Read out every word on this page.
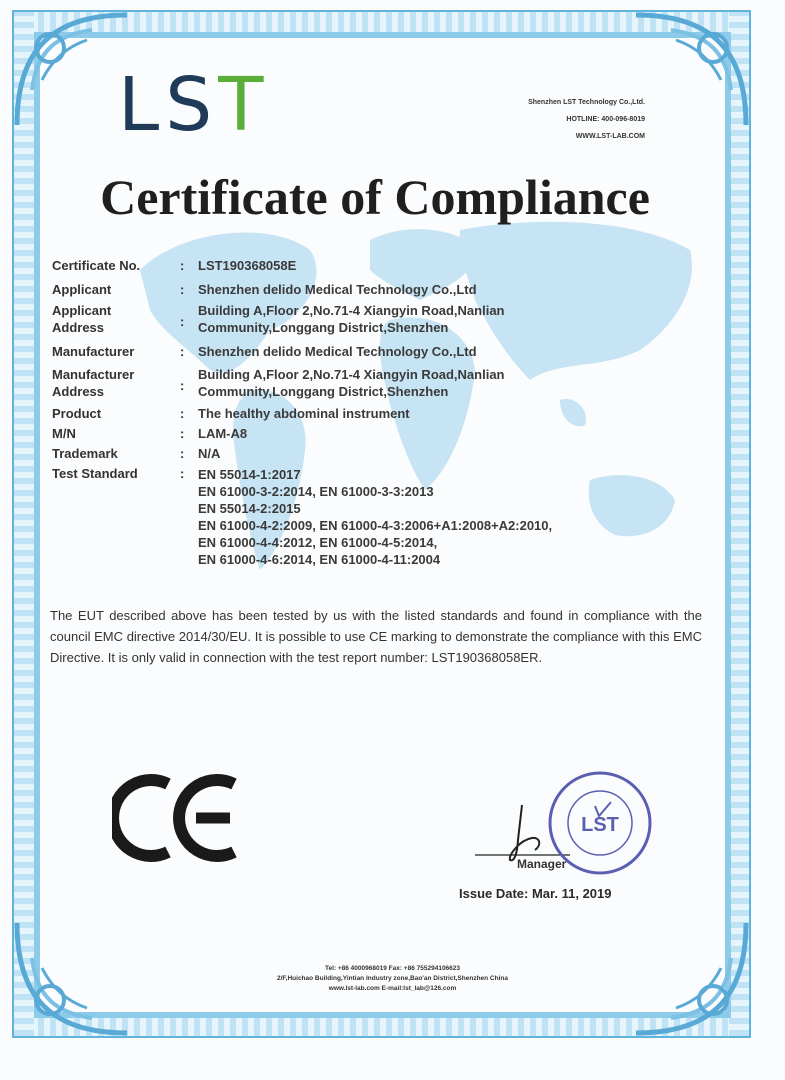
LST	Shenzhen LST Technology Co.,Ltd.
HOTLINE: 400-096-8019
WWW.LST-LAB.COM
Certificate of Compliance
Certificate No.	:	LST190368058E
Applicant	:	Shenzhen delido Medical Technology Co.,Ltd
Applicant
Address	:
Building A,Floor 2,No.71-4 Xiangyin Road,Nanlian
Community,Longgang District,Shenzhen
Manufacturer	:	Shenzhen delido Medical Technology Co.,Ltd
Manufacturer
Address	:
Building A,Floor 2,No.71-4 Xiangyin Road,Nanlian
Community,Longgang District,Shenzhen
Product	:	The healthy abdominal instrument
M/N	:	LAM-A8
Trademark	:	N/A
Test Standard	:	EN 55014-1:2017
EN 61000-3-2:2014, EN 61000-3-3:2013
EN 55014-2:2015
EN 61000-4-2:2009, EN 61000-4-3:2006+A1:2008+A2:2010,
EN 61000-4-4:2012, EN 61000-4-5:2014,
EN 61000-4-6:2014, EN 61000-4-11:2004
The EUT described above has been tested by us with the listed standards and found in compliance with the council EMC directive 2014/30/EU. It is possible to use CE marking to demonstrate the compliance with this EMC Directive. It is only valid in connection with the test report number: LST190368058ER.
Manager
LST
Issue Date: Mar. 11, 2019
Tel: +86 4000968019 Fax: +86 755294106623
2/F,Huichao Building,Yintian Industry zone,Bao'an District,Shenzhen China
www.lst-lab.com E-mail:lst_lab@126.com
